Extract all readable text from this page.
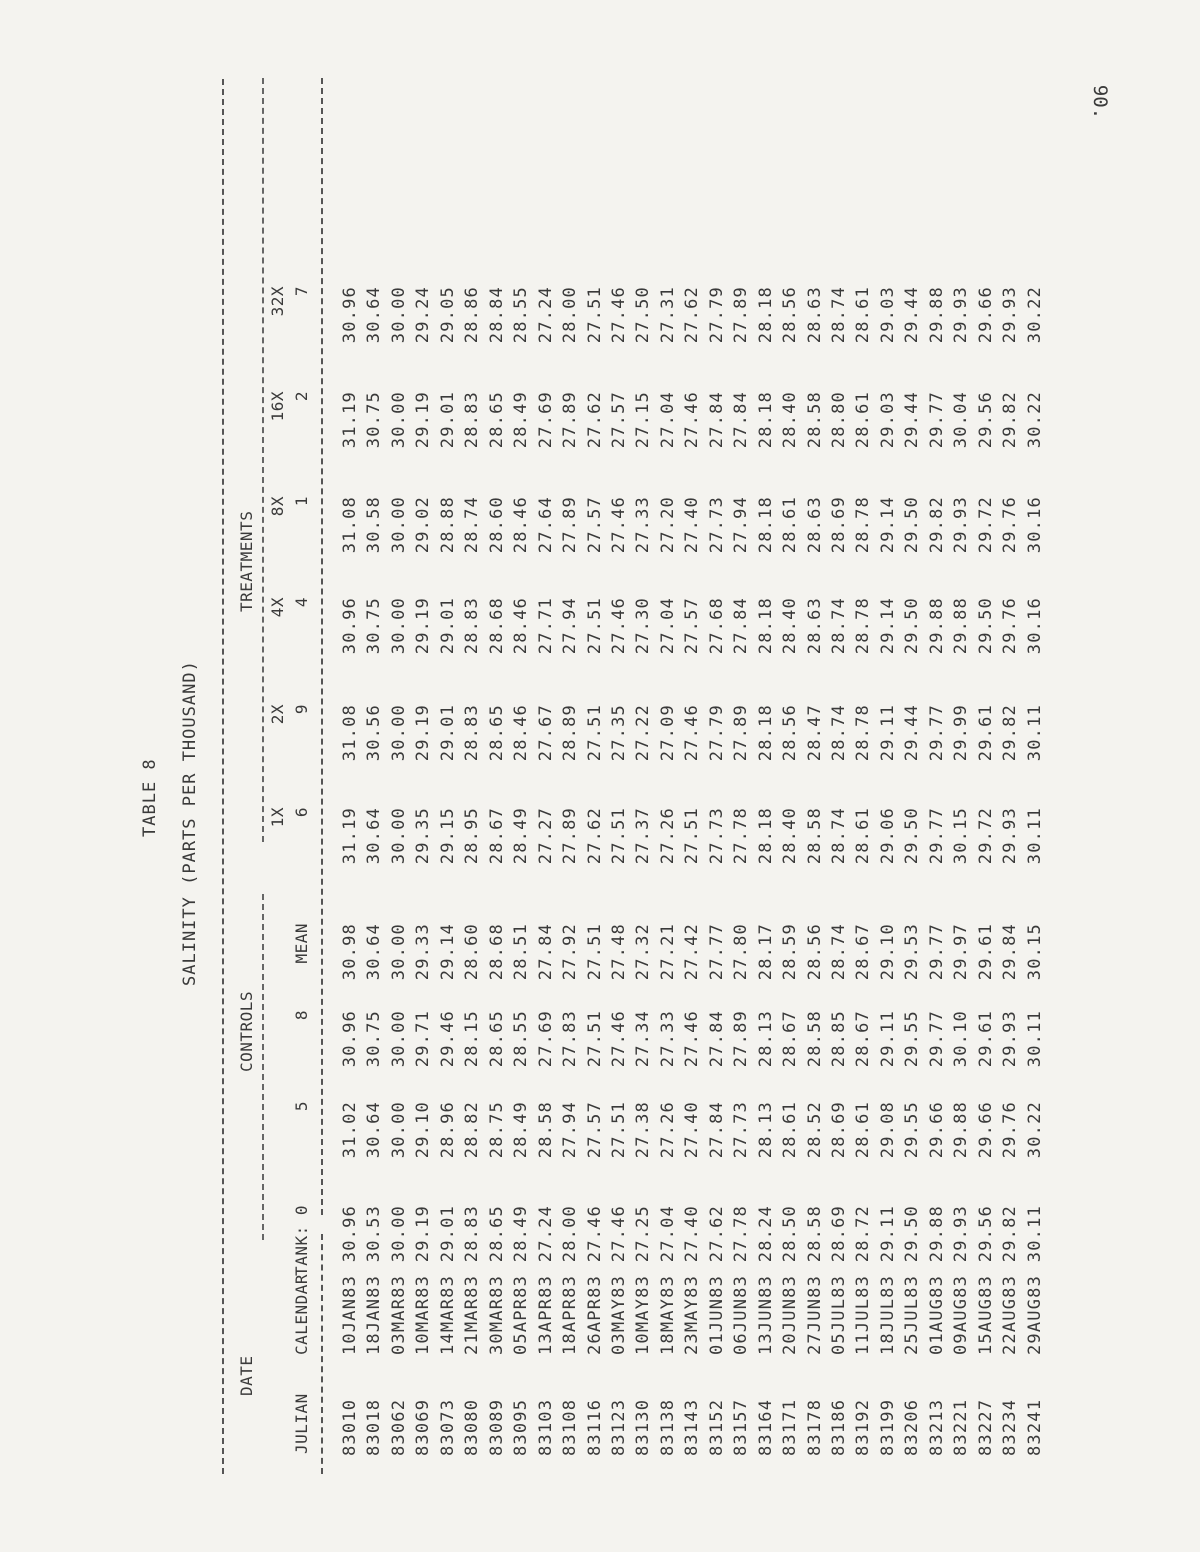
90.
TABLE 8 SALINITY (PARTS PER THOUSAND)
DATE
CONTROLS
TREATMENTS
JULIAN
CALENDAR
TANK: 0
5
8
MEAN
1X 6
2X 9
4X 4
8X 1
16X 2
32X 7
83010
10JAN83
30.96
31.02
30.96
30.98
31.19
31.08
30.96
31.08
31.19
30.96
83018
18JAN83
30.53
30.64
30.75
30.64
30.64
30.56
30.75
30.58
30.75
30.64
83062
03MAR83
30.00
30.00
30.00
30.00
30.00
30.00
30.00
30.00
30.00
30.00
83069
10MAR83
29.19
29.10
29.71
29.33
29.35
29.19
29.19
29.02
29.19
29.24
83073
14MAR83
29.01
28.96
29.46
29.14
29.15
29.01
29.01
28.88
29.01
29.05
83080
21MAR83
28.83
28.82
28.15
28.60
28.95
28.83
28.83
28.74
28.83
28.86
83089
30MAR83
28.65
28.75
28.65
28.68
28.67
28.65
28.68
28.60
28.65
28.84
83095
05APR83
28.49
28.49
28.55
28.51
28.49
28.46
28.46
28.46
28.49
28.55
83103
13APR83
27.24
28.58
27.69
27.84
27.27
27.67
27.71
27.64
27.69
27.24
83108
18APR83
28.00
27.94
27.83
27.92
27.89
28.89
27.94
27.89
27.89
28.00
83116
26APR83
27.46
27.57
27.51
27.51
27.62
27.51
27.51
27.57
27.62
27.51
83123
03MAY83
27.46
27.51
27.46
27.48
27.51
27.35
27.46
27.46
27.57
27.46
83130
10MAY83
27.25
27.38
27.34
27.32
27.37
27.22
27.30
27.33
27.15
27.50
83138
18MAY83
27.04
27.26
27.33
27.21
27.26
27.09
27.04
27.20
27.04
27.31
83143
23MAY83
27.40
27.40
27.46
27.42
27.51
27.46
27.57
27.40
27.46
27.62
83152
01JUN83
27.62
27.84
27.84
27.77
27.73
27.79
27.68
27.73
27.84
27.79
83157
06JUN83
27.78
27.73
27.89
27.80
27.78
27.89
27.84
27.94
27.84
27.89
83164
13JUN83
28.24
28.13
28.13
28.17
28.18
28.18
28.18
28.18
28.18
28.18
83171
20JUN83
28.50
28.61
28.67
28.59
28.40
28.56
28.40
28.61
28.40
28.56
83178
27JUN83
28.58
28.52
28.58
28.56
28.58
28.47
28.63
28.63
28.58
28.63
83186
05JUL83
28.69
28.69
28.85
28.74
28.74
28.74
28.74
28.69
28.80
28.74
83192
11JUL83
28.72
28.61
28.67
28.67
28.61
28.78
28.78
28.78
28.61
28.61
83199
18JUL83
29.11
29.08
29.11
29.10
29.06
29.11
29.14
29.14
29.03
29.03
83206
25JUL83
29.50
29.55
29.55
29.53
29.50
29.44
29.50
29.50
29.44
29.44
83213
01AUG83
29.88
29.66
29.77
29.77
29.77
29.77
29.88
29.82
29.77
29.88
83221
09AUG83
29.93
29.88
30.10
29.97
30.15
29.99
29.88
29.93
30.04
29.93
83227
15AUG83
29.56
29.66
29.61
29.61
29.72
29.61
29.50
29.72
29.56
29.66
83234
22AUG83
29.82
29.76
29.93
29.84
29.93
29.82
29.76
29.76
29.82
29.93
83241
29AUG83
30.11
30.22
30.11
30.15
30.11
30.11
30.16
30.16
30.22
30.22
